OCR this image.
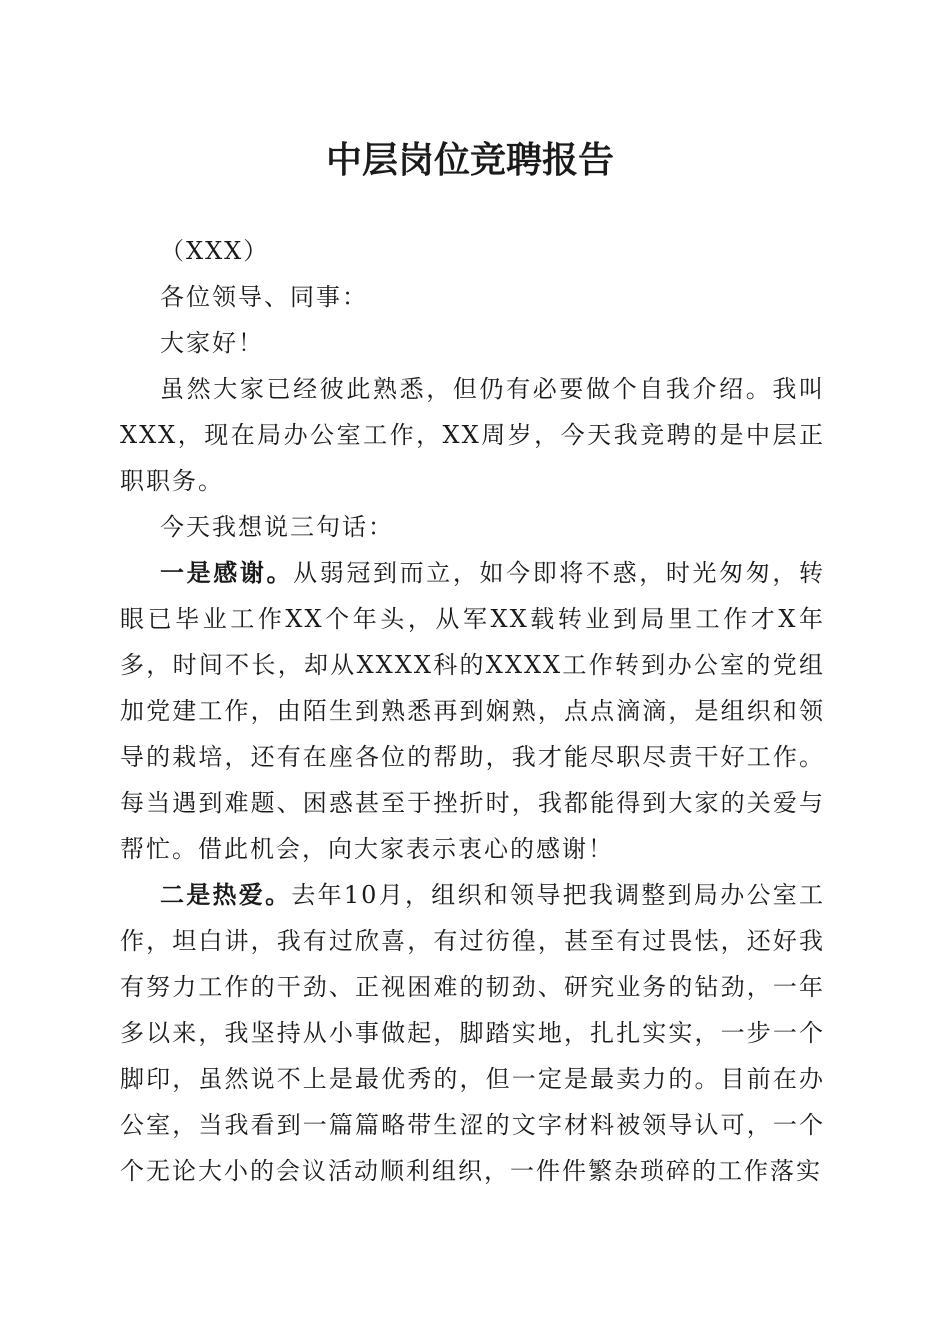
中层岗位竞聘报告

（XXX）

各位领导、同事：

大家好！

虽然大家已经彼此熟悉，但仍有必要做个自我介绍。我叫XXX，现在局办公室工作，XX周岁，今天我竞聘的是中层正职职务。

今天我想说三句话：

一是感谢。从弱冠到而立，如今即将不惑，时光匆匆，转眼已毕业工作XX个年头，从军XX载转业到局里工作才X年多，时间不长，却从XXXX科的XXXX工作转到办公室的党组加党建工作，由陌生到熟悉再到娴熟，点点滴滴，是组织和领导的栽培，还有在座各位的帮助，我才能尽职尽责干好工作。每当遇到难题、困惑甚至于挫折时，我都能得到大家的关爱与帮忙。借此机会，向大家表示衷心的感谢！

二是热爱。去年10月，组织和领导把我调整到局办公室工作，坦白讲，我有过欣喜，有过彷徨，甚至有过畏怯，还好我有努力工作的干劲、正视困难的韧劲、研究业务的钻劲，一年多以来，我坚持从小事做起，脚踏实地，扎扎实实，一步一个脚印，虽然说不上是最优秀的，但一定是最卖力的。目前在办公室，当我看到一篇篇略带生涩的文字材料被领导认可，一个个无论大小的会议活动顺利组织，一件件繁杂琐碎的工作落实
